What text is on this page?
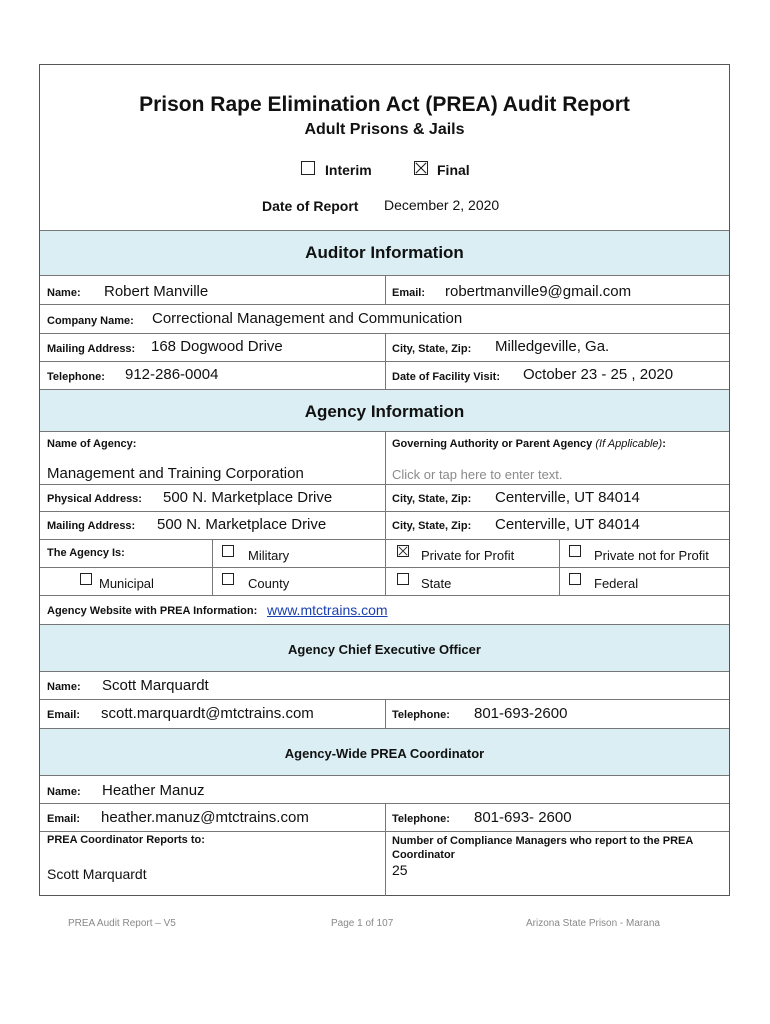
Prison Rape Elimination Act (PREA) Audit Report
Adult Prisons & Jails
Interim	Final
Date of Report December 2, 2020
Auditor Information
Name: Robert Manville	Email: robertmanville9@gmail.com
Company Name: Correctional Management and Communication
Mailing Address: 168 Dogwood Drive	City, State, Zip: Milledgeville, Ga.
Telephone: 912-286-0004	Date of Facility Visit: October 23 - 25 , 2020
Agency Information
Name of Agency:
Management and Training Corporation
Governing Authority or Parent Agency (If Applicable):
Click or tap here to enter text.
Physical Address: 500 N. Marketplace Drive	City, State, Zip: Centerville, UT 84014
Mailing Address: 500 N. Marketplace Drive	City, State, Zip: Centerville, UT 84014
The Agency Is:	Military	Private for Profit	Private not for Profit
Municipal	County	State	Federal
Agency Website with PREA Information: www.mtctrains.com
Agency Chief Executive Officer
Name: Scott Marquardt
Email: scott.marquardt@mtctrains.com	Telephone: 801-693-2600
Agency-Wide PREA Coordinator
Name: Heather Manuz
Email: heather.manuz@mtctrains.com	Telephone: 801-693- 2600
PREA Coordinator Reports to:
Scott Marquardt
Number of Compliance Managers who report to the PREA Coordinator
25
PREA Audit Report – V5	Page 1 of 107	Arizona State Prison - Marana
